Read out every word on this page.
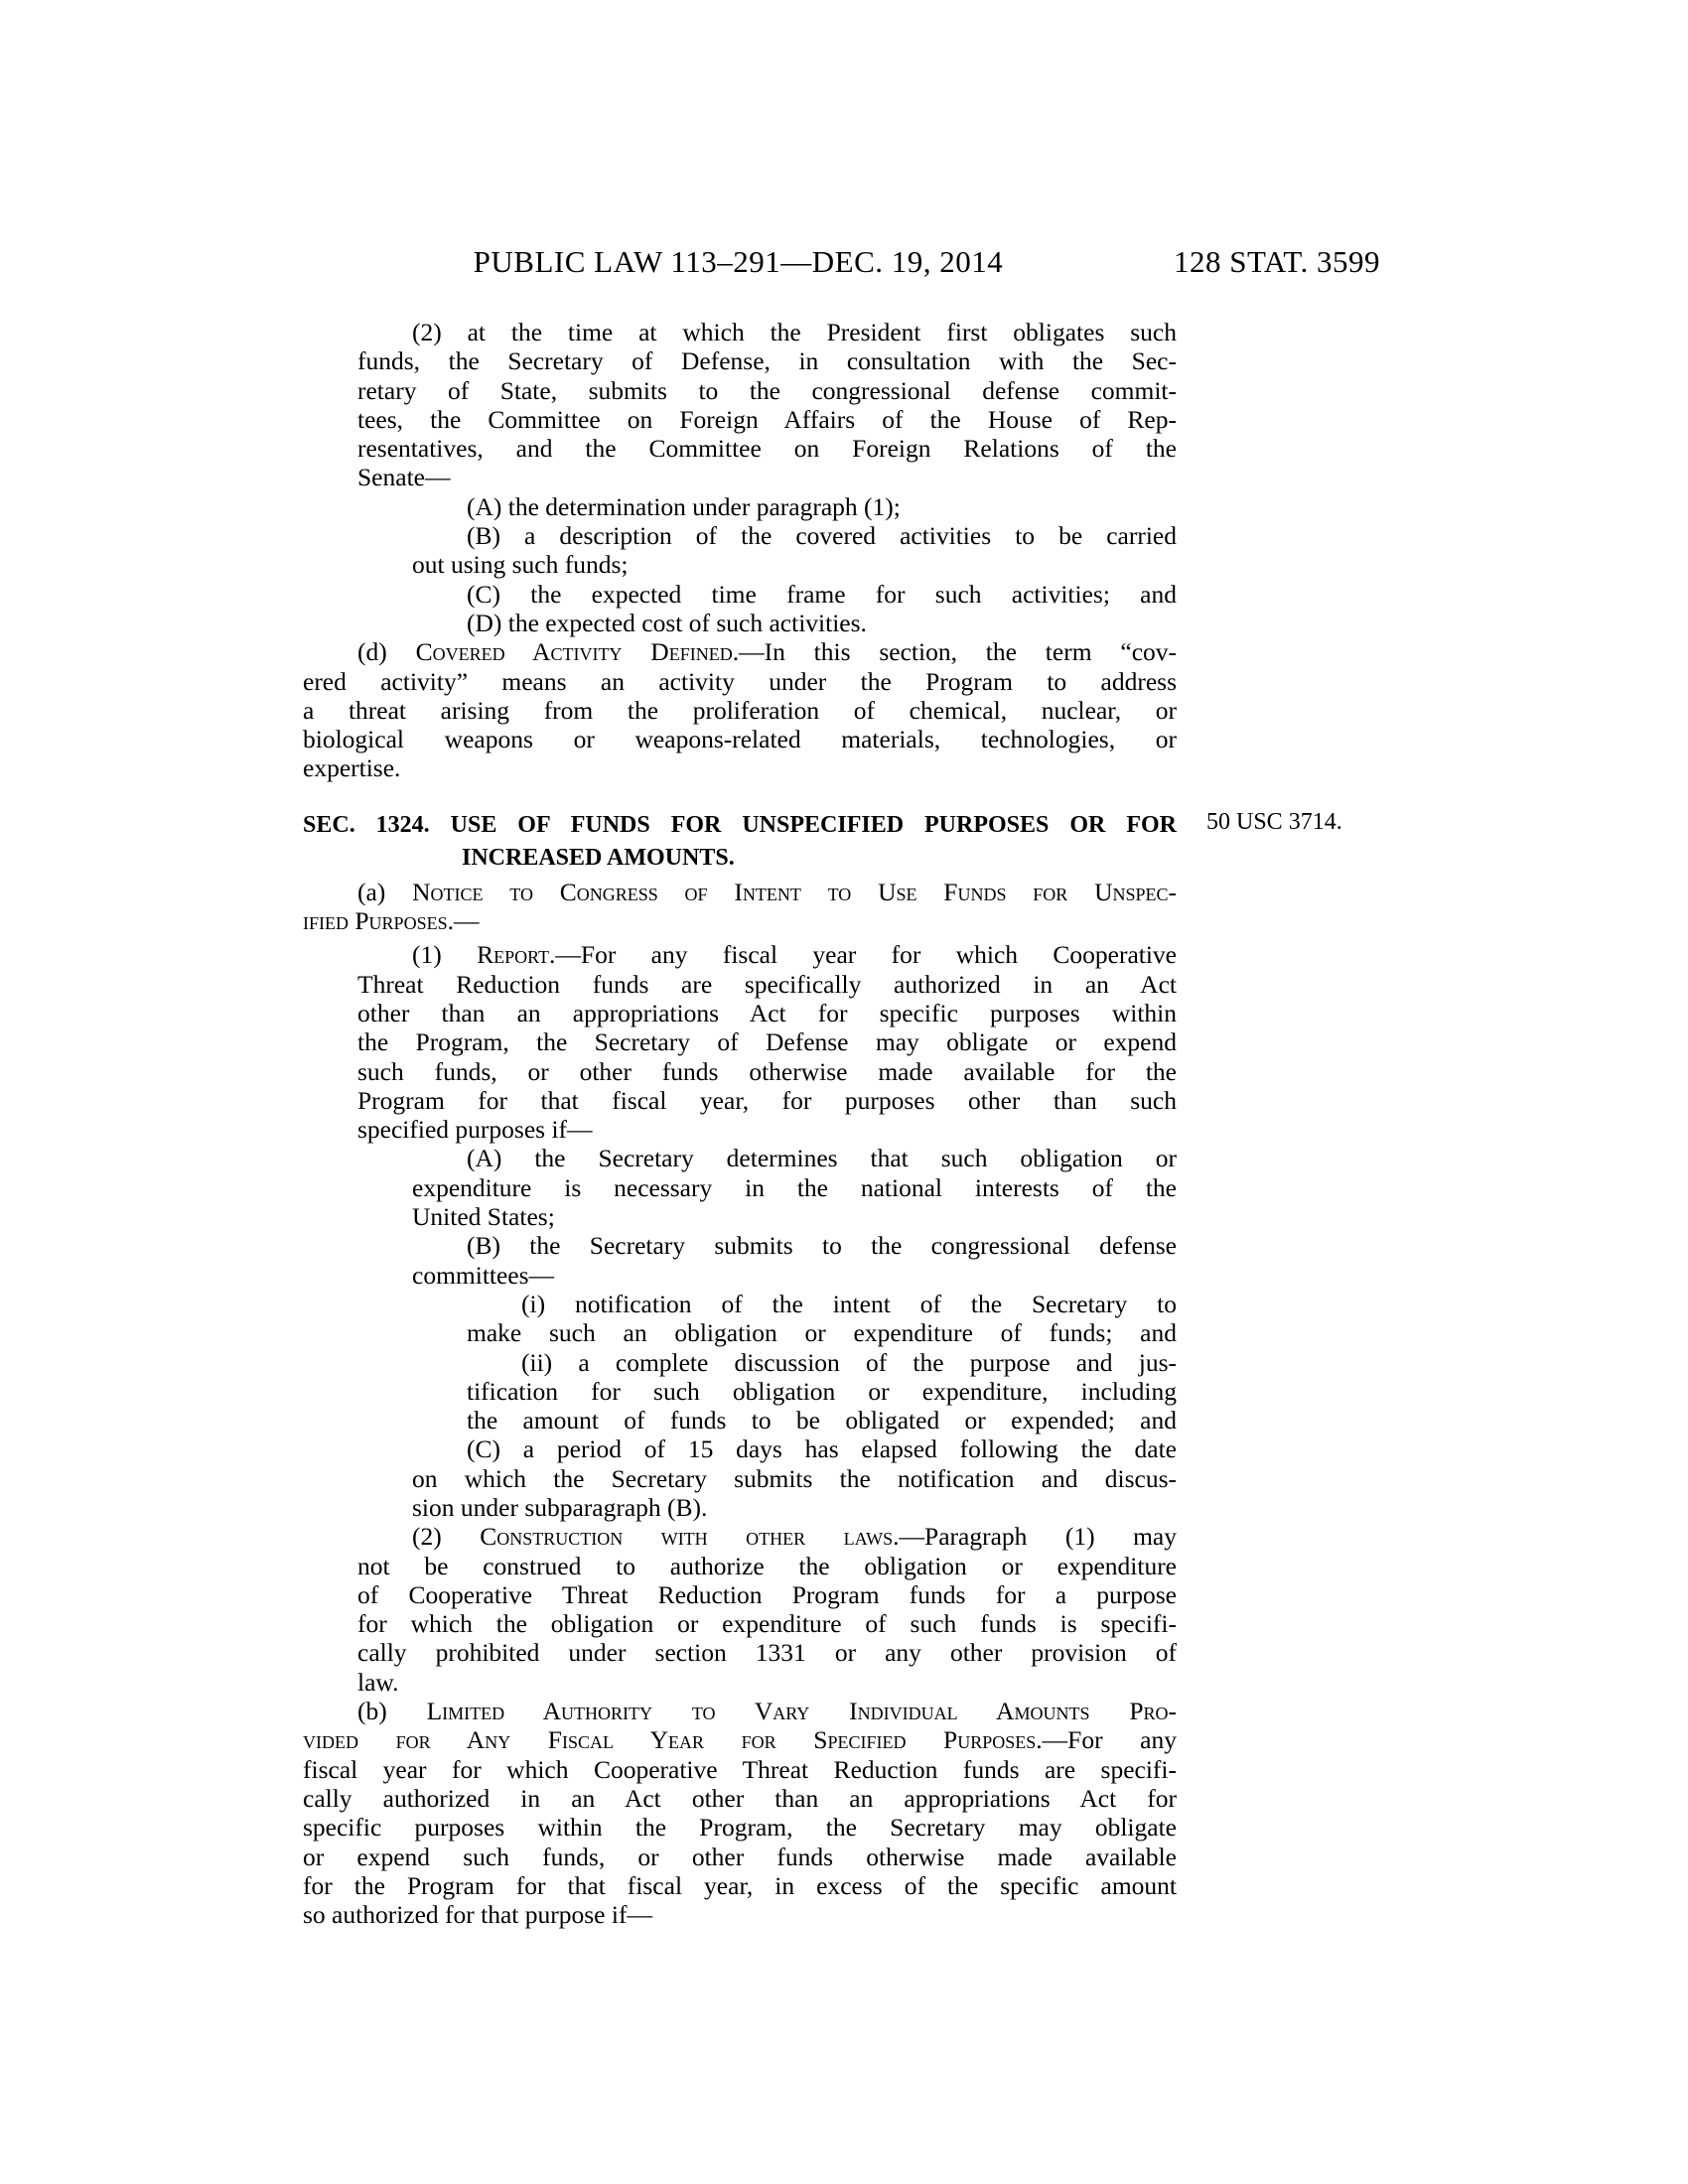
PUBLIC LAW 113–291—DEC. 19, 2014	128 STAT. 3599
50 USC 3714.
(2) at the time at which the President first obligates such
funds, the Secretary of Defense, in consultation with the Sec-
retary of State, submits to the congressional defense commit-
tees, the Committee on Foreign Affairs of the House of Rep-
resentatives, and the Committee on Foreign Relations of the
Senate—
(A) the determination under paragraph (1);
(B) a description of the covered activities to be carried
out using such funds;
(C) the expected time frame for such activities; and
(D) the expected cost of such activities.
(d) Covered Activity Defined.—In this section, the term “cov-
ered activity” means an activity under the Program to address
a threat arising from the proliferation of chemical, nuclear, or
biological weapons or weapons-related materials, technologies, or
expertise.
SEC. 1324. USE OF FUNDS FOR UNSPECIFIED PURPOSES OR FOR
INCREASED AMOUNTS.
(a) Notice to Congress of Intent to Use Funds for Unspec-
ified Purposes.—
(1) Report.—For any fiscal year for which Cooperative
Threat Reduction funds are specifically authorized in an Act
other than an appropriations Act for specific purposes within
the Program, the Secretary of Defense may obligate or expend
such funds, or other funds otherwise made available for the
Program for that fiscal year, for purposes other than such
specified purposes if—
(A) the Secretary determines that such obligation or
expenditure is necessary in the national interests of the
United States;
(B) the Secretary submits to the congressional defense
committees—
(i) notification of the intent of the Secretary to
make such an obligation or expenditure of funds; and
(ii) a complete discussion of the purpose and jus-
tification for such obligation or expenditure, including
the amount of funds to be obligated or expended; and
(C) a period of 15 days has elapsed following the date
on which the Secretary submits the notification and discus-
sion under subparagraph (B).
(2) Construction with other laws.—Paragraph (1) may
not be construed to authorize the obligation or expenditure
of Cooperative Threat Reduction Program funds for a purpose
for which the obligation or expenditure of such funds is specifi-
cally prohibited under section 1331 or any other provision of
law.
(b) Limited Authority to Vary Individual Amounts Pro-
vided for Any Fiscal Year for Specified Purposes.—For any
fiscal year for which Cooperative Threat Reduction funds are specifi-
cally authorized in an Act other than an appropriations Act for
specific purposes within the Program, the Secretary may obligate
or expend such funds, or other funds otherwise made available
for the Program for that fiscal year, in excess of the specific amount
so authorized for that purpose if—
